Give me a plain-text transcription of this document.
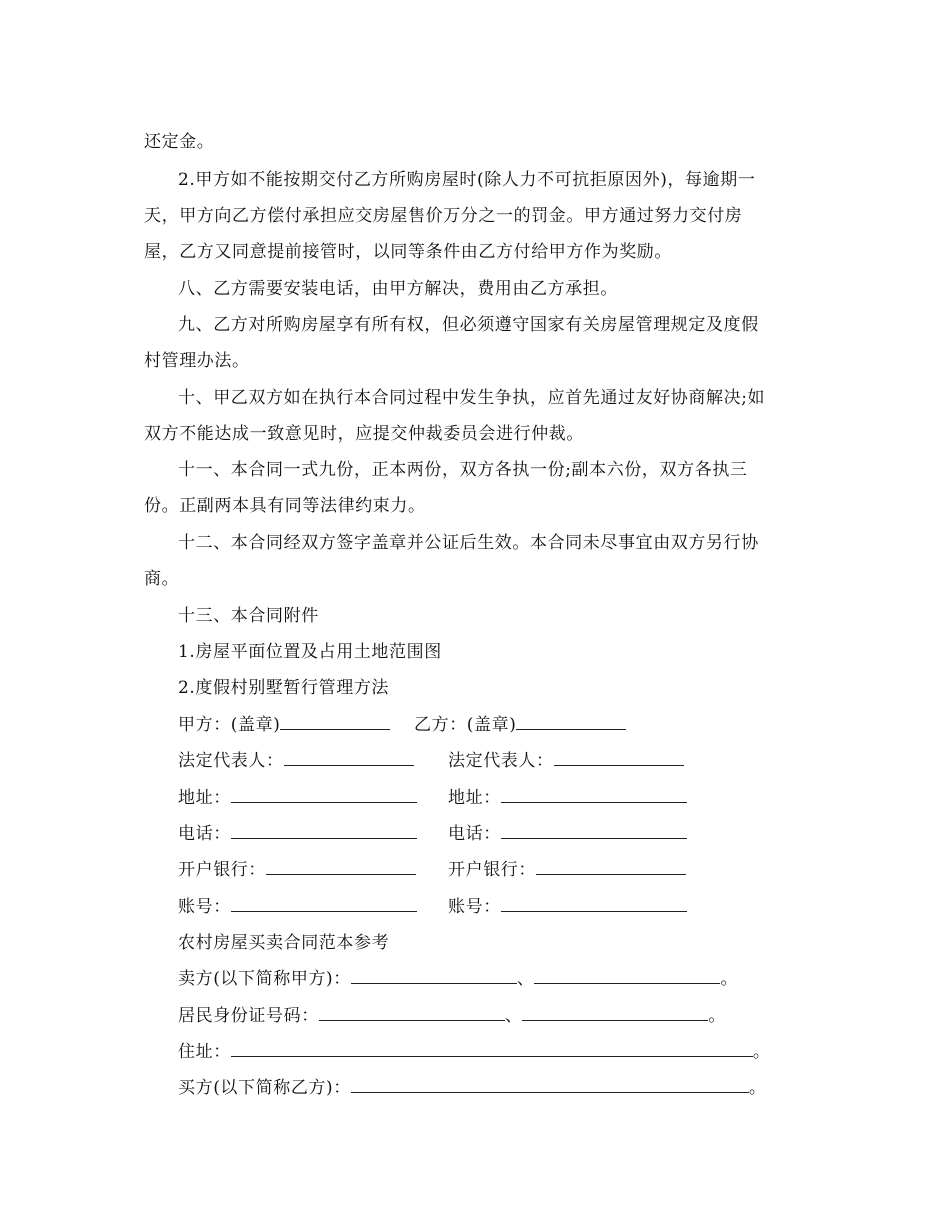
还定金。
2.甲方如不能按期交付乙方所购房屋时(除人力不可抗拒原因外)，每逾期一
天，甲方向乙方偿付承担应交房屋售价万分之一的罚金。甲方通过努力交付房
屋，乙方又同意提前接管时，以同等条件由乙方付给甲方作为奖励。
八、乙方需要安装电话，由甲方解决，费用由乙方承担。
九、乙方对所购房屋享有所有权，但必须遵守国家有关房屋管理规定及度假
村管理办法。
十、甲乙双方如在执行本合同过程中发生争执，应首先通过友好协商解决;如
双方不能达成一致意见时，应提交仲裁委员会进行仲裁。
十一、本合同一式九份，正本两份，双方各执一份;副本六份，双方各执三
份。正副两本具有同等法律约束力。
十二、本合同经双方签字盖章并公证后生效。本合同未尽事宜由双方另行协
商。
十三、本合同附件
1.房屋平面位置及占用土地范围图
2.度假村别墅暂行管理方法
甲方：(盖章)	乙方：(盖章)
法定代表人：	法定代表人：
地址：	地址：
电话：	电话：
开户银行：	开户银行：
账号：	账号：
农村房屋买卖合同范本参考
卖方(以下简称甲方)：	、	。
居民身份证号码：	、	。
住址：	。
买方(以下简称乙方)：	。
